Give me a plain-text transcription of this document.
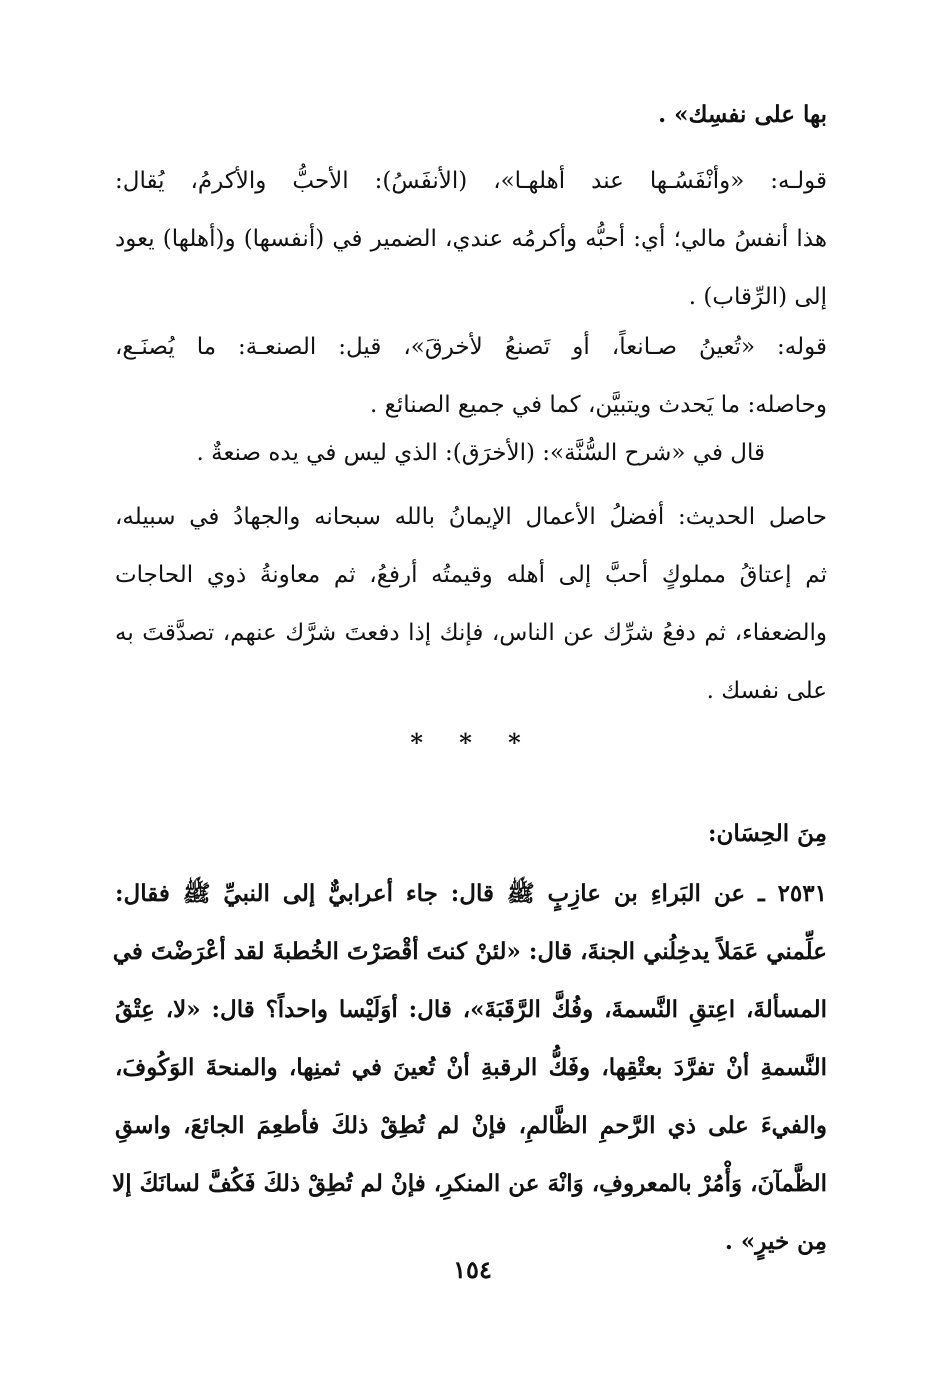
بها على نفسِك» .
قولـه: «وأنْفَسُـها عند أهلهـا»، (الأنفَسُ): الأحبُّ والأكرمُ، يُقال:
هذا أنفسُ مالي؛ أي: أحبُّه وأكرمُه عندي، الضمير في (أنفسها) و(أهلها) يعود
إلى (الرِّقاب) .
قوله: «تُعينُ صـانعاً، أو تَصنعُ لأخرقَ»، قيل: الصنعـة: ما يُصنَـع،
وحاصله: ما يَحدث ويتبيَّن، كما في جميع الصنائع .
قال في «شرح السُّنَّة»: (الأخرَق): الذي ليس في يده صنعةٌ .
حاصل الحديث: أفضلُ الأعمال الإيمانُ بالله سبحانه والجهادُ في سبيله،
ثم إعتاقُ مملوكٍ أحبَّ إلى أهله وقيمتُه أرفعُ، ثم معاونةُ ذوي الحاجات
والضعفاء، ثم دفعُ شرِّك عن الناس، فإنك إذا دفعتَ شرَّك عنهم، تصدَّقتَ به
على نفسك .
* * *
مِنَ الحِسَان:
٢٥٣١ ـ عن البَراءِ بن عازِبٍ ﷺ قال: جاء أعرابيٌّ إلى النبيِّ ﷺ فقال:
علِّمني عَمَلاً يدخِلُني الجنةَ، قال: «لئنْ كنتَ أقْصَرْتَ الخُطبةَ لقد أعْرَضْتَ في
المسألةَ، اعِتقِ النَّسمةَ، وفُكَّ الرَّقَبَةَ»، قال: أوَلَيْسا واحداً؟ قال: «لا، عِتْقُ
النَّسمةِ أنْ تفرَّدَ بعتْقِها، وفَكُّ الرقبةِ أنْ تُعينَ في ثمنِها، والمنحةَ الوَكُوفَ،
والفيءَ على ذي الرَّحمِ الظَّالمِ، فإنْ لم تُطِقْ ذلكَ فأطعِمَ الجائعَ، واسقِ
الظَّمآنَ، وَأْمُرْ بالمعروفِ، وَانْهَ عن المنكرِ، فإنْ لم تُطِقْ ذلكَ فَكُفَّ لسانَكَ إلا
مِن خيرٍ» .
١٥٤
